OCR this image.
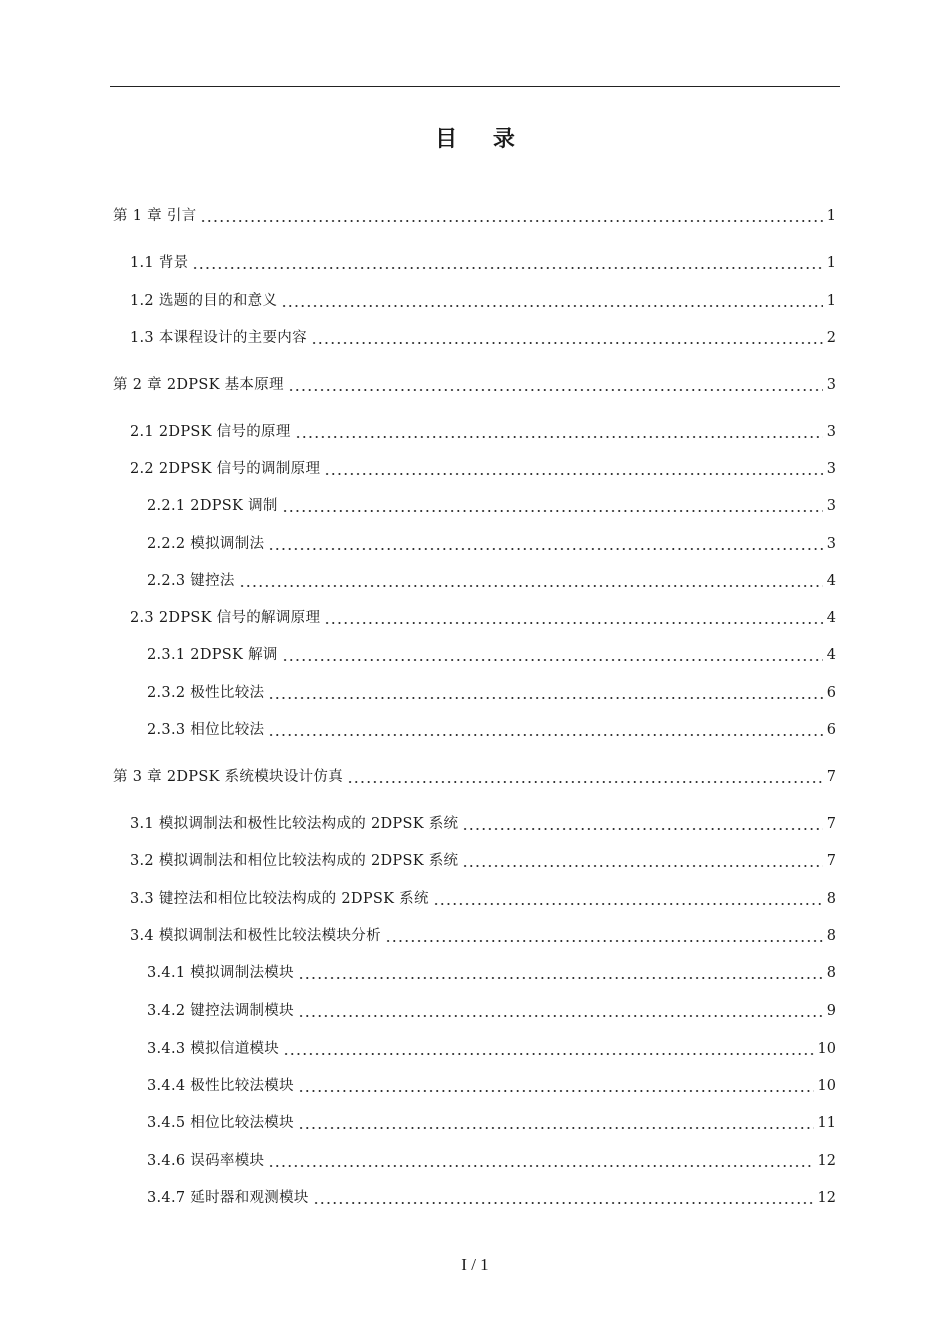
目 录
第 1 章 引言	1
1.1 背景	1
1.2 选题的目的和意义	1
1.3 本课程设计的主要内容	2
第 2 章 2DPSK 基本原理	3
2.1 2DPSK 信号的原理	3
2.2 2DPSK 信号的调制原理	3
2.2.1 2DPSK 调制	3
2.2.2 模拟调制法	3
2.2.3 键控法	4
2.3 2DPSK 信号的解调原理	4
2.3.1 2DPSK 解调	4
2.3.2 极性比较法	6
2.3.3 相位比较法	6
第 3 章 2DPSK 系统模块设计仿真	7
3.1 模拟调制法和极性比较法构成的 2DPSK 系统	7
3.2 模拟调制法和相位比较法构成的 2DPSK 系统	7
3.3 键控法和相位比较法构成的 2DPSK 系统	8
3.4 模拟调制法和极性比较法模块分析	8
3.4.1 模拟调制法模块	8
3.4.2 键控法调制模块	9
3.4.3 模拟信道模块	10
3.4.4 极性比较法模块	10
3.4.5 相位比较法模块	11
3.4.6 误码率模块	12
3.4.7 延时器和观测模块	12
I / 1
